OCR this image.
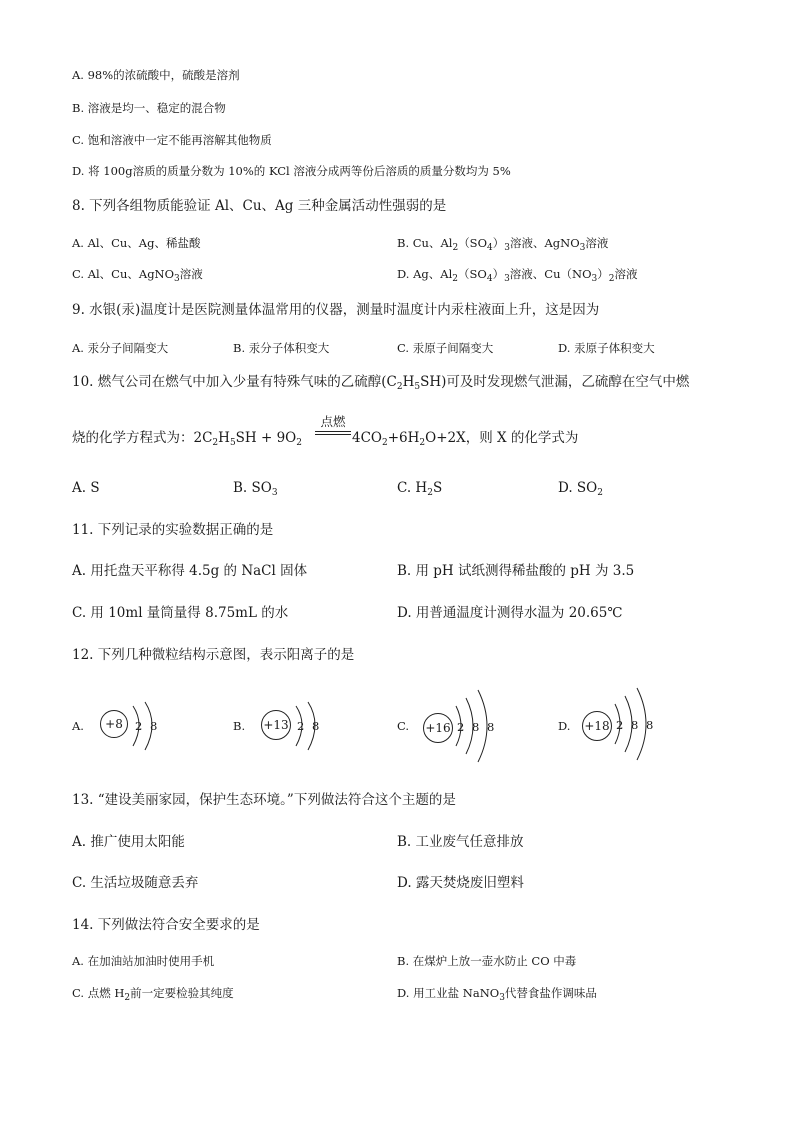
A. 98%的浓硫酸中，硫酸是溶剂
B. 溶液是均一、稳定的混合物
C. 饱和溶液中一定不能再溶解其他物质
D. 将 100g溶质的质量分数为 10%的 KCl 溶液分成两等份后溶质的质量分数均为 5%
8. 下列各组物质能验证 Al、Cu、Ag 三种金属活动性强弱的是
A. Al、Cu、Ag、稀盐酸	B. Cu、$Al_2(SO_4)_3$溶液、AgNO$_3$溶液
C. Al、Cu、AgNO$_3$溶液	D. Ag、$Al_2(SO_4)_3$溶液、$Cu(NO_3)_2$溶液
9. 水银(汞)温度计是医院测量体温常用的仪器，测量时温度计内汞柱液面上升，这是因为
A. 汞分子间隔变大	B. 汞分子体积变大	C. 汞原子间隔变大	D. 汞原子体积变大
10. 燃气公司在燃气中加入少量有特殊气味的乙硫醇$(C_2H_5SH)$可及时发现燃气泄漏，乙硫醇在空气中燃
烧的化学方程式为：$2C_2H_5SH + 9O_2$
点燃
$4CO_2+6H_2O+2X$，则 X 的化学式为
A. S	B. $SO_3$	C. $H_2S$	D. $SO_2$
11. 下列记录的实验数据正确的是
A. 用托盘天平称得 4.5g 的 NaCl 固体	B. 用 pH 试纸测得稀盐酸的 pH 为 3.5
C. 用 10ml 量筒量得 8.75mL 的水	D. 用普通温度计测得水温为 20.65℃
12. 下列几种微粒结构示意图，表示阳离子的是
A.	+8	2 8	B. +13 2 8	C. +16 2 8 8	D. +18 2 8 8
13. “建设美丽家园，保护生态环境。”下列做法符合这个主题的是
A. 推广使用太阳能	B. 工业废气任意排放
C. 生活垃圾随意丢弃	D. 露天焚烧废旧塑料
14. 下列做法符合安全要求的是
A. 在加油站加油时使用手机	B. 在煤炉上放一壶水防止 CO 中毒
C. 点燃 $H_2$前一定要检验其纯度	D. 用工业盐 NaNO$_3$代替食盐作调味品
